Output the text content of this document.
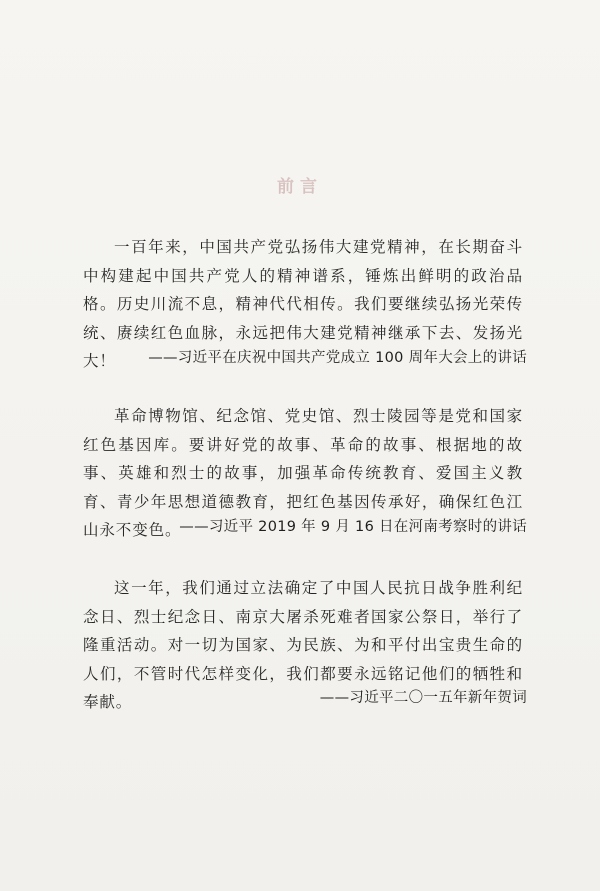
前言

一百年来，中国共产党弘扬伟大建党精神，在长期奋斗中构建起中国共产党人的精神谱系，锤炼出鲜明的政治品格。历史川流不息，精神代代相传。我们要继续弘扬光荣传统、赓续红色血脉，永远把伟大建党精神继承下去、发扬光大！	——习近平在庆祝中国共产党成立 100 周年大会上的讲话

革命博物馆、纪念馆、党史馆、烈士陵园等是党和国家红色基因库。要讲好党的故事、革命的故事、根据地的故事、英雄和烈士的故事，加强革命传统教育、爱国主义教育、青少年思想道德教育，把红色基因传承好，确保红色江山永不变色。

——习近平 2019 年 9 月 16 日在河南考察时的讲话

这一年，我们通过立法确定了中国人民抗日战争胜利纪念日、烈士纪念日、南京大屠杀死难者国家公祭日，举行了隆重活动。对一切为国家、为民族、为和平付出宝贵生命的人们，不管时代怎样变化，我们都要永远铭记他们的牺牲和奉献。	——习近平二〇一五年新年贺词
